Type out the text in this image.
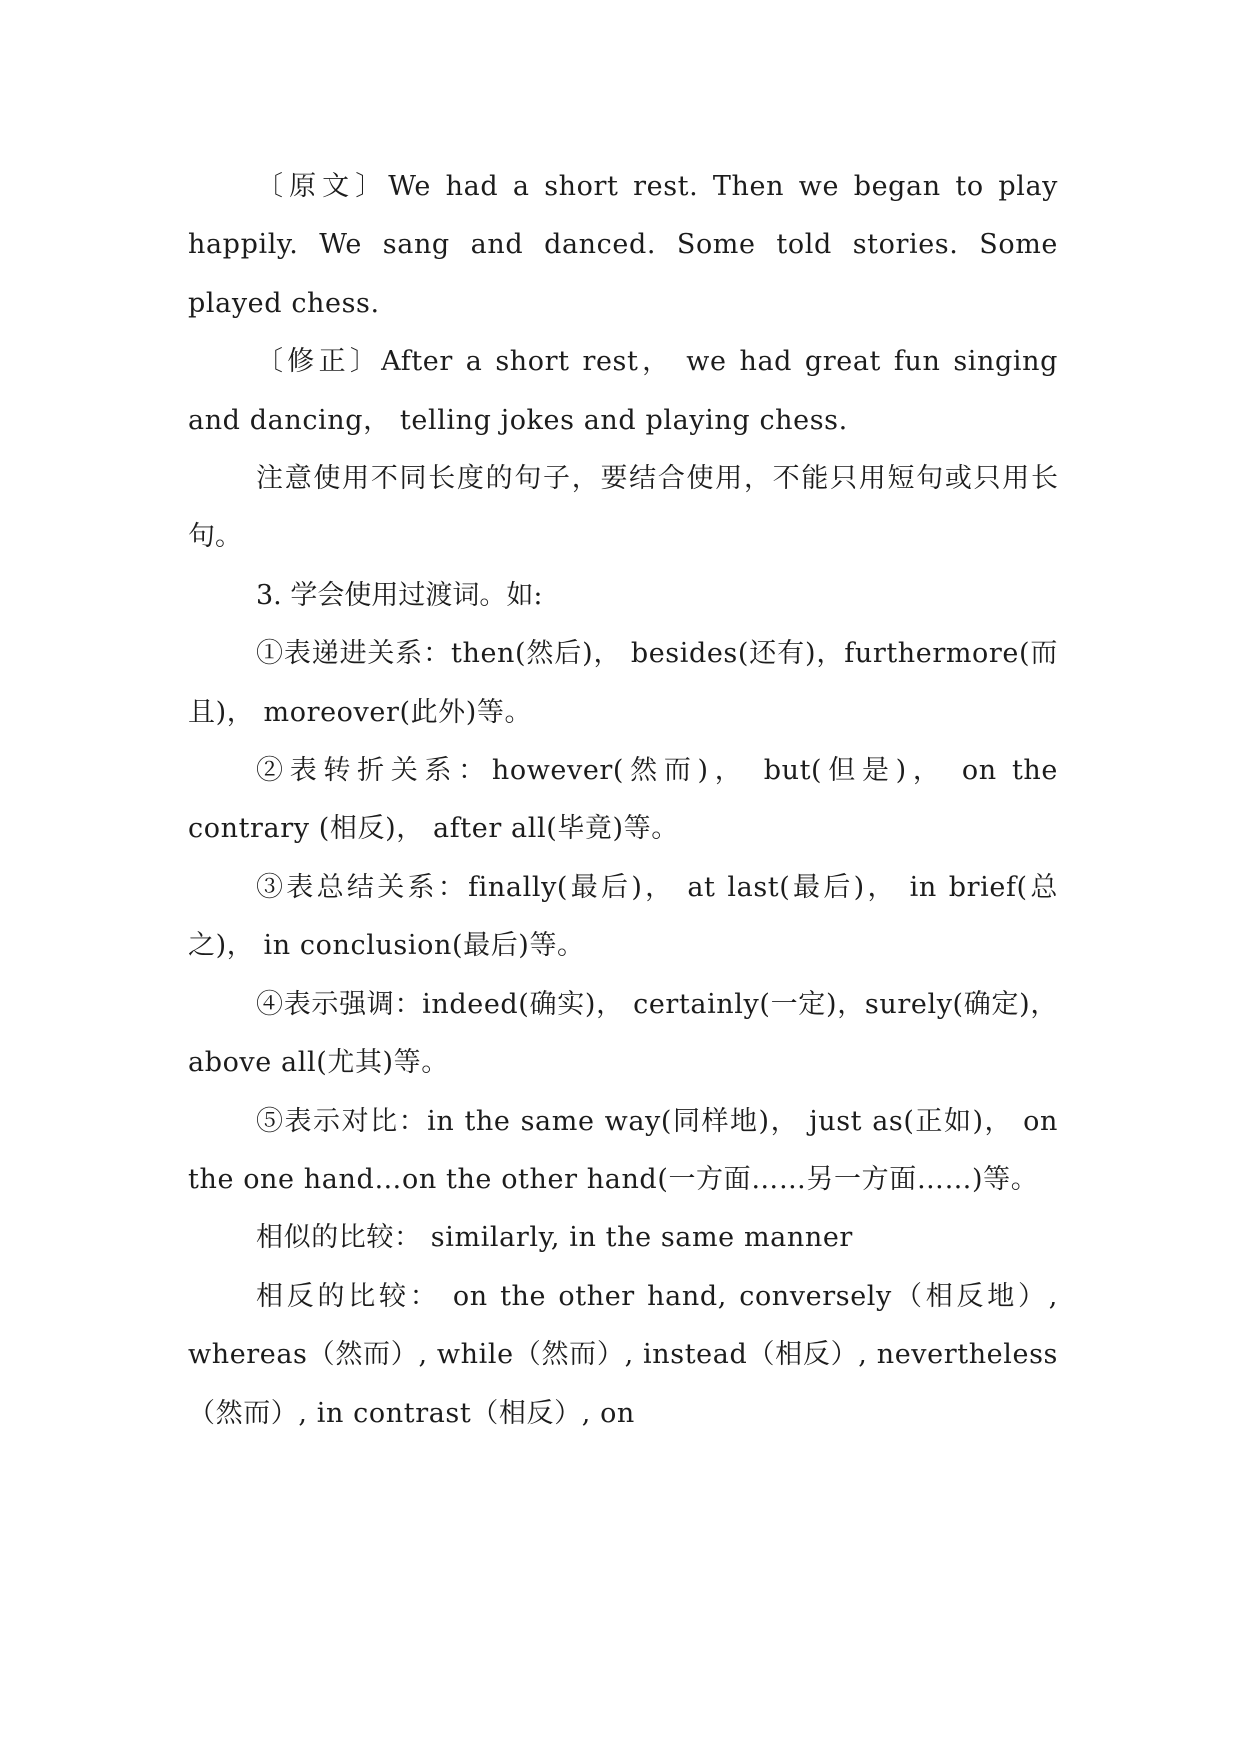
〔原文〕We had a short rest. Then we began to play happily. We sang and danced. Some told stories. Some played chess.

〔修正〕After a short rest， we had great fun singing and dancing， telling jokes and playing chess.

注意使用不同长度的句子，要结合使用，不能只用短句或只用长句。

3. 学会使用过渡词。如:

①表递进关系：then(然后)， besides(还有)，furthermore(而且)， moreover(此外)等。

②表转折关系：however(然而)， but(但是)， on the contrary (相反)， after all(毕竟)等。

③表总结关系：finally(最后)， at last(最后)， in brief(总之)， in conclusion(最后)等。

④表示强调：indeed(确实)， certainly(一定)，surely(确定)， above all(尤其)等。

⑤表示对比：in the same way(同样地)， just as(正如)， on the one hand…on the other hand(一方面……另一方面……)等。

相似的比较： similarly, in the same manner

相反的比较： on the other hand, conversely（相反地）, whereas（然而）, while（然而）, instead（相反）, nevertheless（然而）, in contrast（相反）, on
